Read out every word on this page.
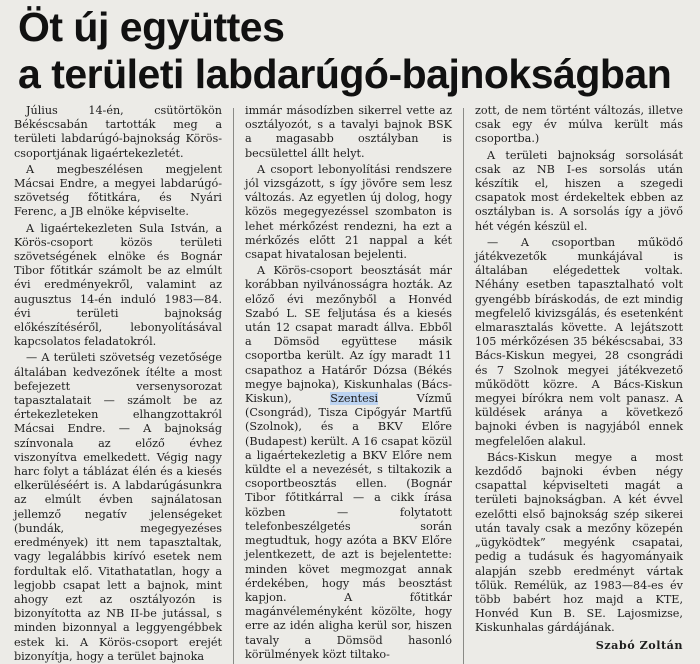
Öt új együttes
a területi labdarúgó-bajnokságban

Július 14-én, csütörtökön Békéscsabán tartották meg a területi labdarúgó-bajnokság Körös-csoportjának ligaértekezletét.

A megbeszélésen megjelent Mácsai Endre, a megyei labdarúgó-szövetség főtitkára, és Nyári Ferenc, a JB elnöke képviselte.

A ligaértekezleten Sula István, a Körös-csoport közös területi szövetségének elnöke és Bognár Tibor főtitkár számolt be az elmúlt évi eredményekről, valamint az augusztus 14-én induló 1983—84. évi területi bajnokság előkészítéséről, lebonyolításával kapcsolatos feladatokról.

— A területi szövetség vezetősége általában kedvezőnek ítélte a most befejezett versenysorozat tapasztalatait — számolt be az értekezleteken elhangzottakról Mácsai Endre. — A bajnokság színvonala az előző évhez viszonyítva emelkedett. Végig nagy harc folyt a táblázat élén és a kiesés elkerüléséért is. A labdarúgásunkra az elmúlt évben sajnálatosan jellemző negatív jelenségeket (bundák, megegyezéses eredmények) itt nem tapasztaltak, vagy legalábbis kirívó esetek nem fordultak elő. Vitathatatlan, hogy a legjobb csapat lett a bajnok, mint ahogy ezt az osztályozón is bizonyította az NB II-be jutással, s minden bizonnyal a leggyengébbek estek ki. A Körös-csoport erejét bizonyítja, hogy a terület bajnoka

immár másodízben sikerrel vette az osztályozót, s a tavalyi bajnok BSK a magasabb osztályban is becsülettel állt helyt.

A csoport lebonyolítási rendszere jól vizsgázott, s így jövőre sem lesz változás. Az egyetlen új dolog, hogy közös megegyezéssel szombaton is lehet mérkőzést rendezni, ha ezt a mérkőzés előtt 21 nappal a két csapat hivatalosan bejelenti.

A Körös-csoport beosztását már korábban nyilvánosságra hozták. Az előző évi mezőnyből a Honvéd Szabó L. SE feljutása és a kiesés után 12 csapat maradt állva. Ebből a Dömsöd együttese másik csoportba került. Az így maradt 11 csapathoz a Határőr Dózsa (Békés megye bajnoka), Kiskunhalas (Bács-Kiskun),	Szentesi	Vízmű (Csongrád), Tisza Cipőgyár Martfű (Szolnok), és a BKV Előre (Budapest) került. A 16 csapat közül a ligaértekezletig a BKV Előre nem küldte el a nevezését, s tiltakozik a csoportbeosztás ellen. (Bognár Tibor főtitkárral — a cikk írása közben — folytatott telefonbeszélgetés során megtudtuk, hogy azóta a BKV Előre jelentkezett, de azt is bejelentette: minden követ megmozgat annak érdekében, hogy más beosztást kapjon. A főtitkár magánvéleményként közölte, hogy erre az idén aligha kerül sor, hiszen tavaly a Dömsöd hasonló körülmények közt tiltako-

zott, de nem történt változás, illetve csak egy év múlva került más csoportba.)

A területi bajnokság sorsolását csak az NB I-es sorsolás után készítik el, hiszen a szegedi csapatok most érdekeltek ebben az osztályban is. A sorsolás így a jövő hét végén készül el.

— A csoportban működő játékvezetők munkájával is általában elégedettek voltak. Néhány esetben tapasztalható volt gyengébb bíráskodás, de ezt mindig megfelelő kivizsgálás, és esetenként elmarasztalás követte. A lejátszott 105 mérkőzésen 35 békéscsabai, 33 Bács-Kiskun megyei, 28 csongrádi és 7 Szolnok megyei játékvezető működött közre. A Bács-Kiskun megyei bírókra nem volt panasz. A küldések aránya a következő bajnoki évben is nagyjából ennek megfelelően alakul.

Bács-Kiskun megye a most kezdődő bajnoki évben négy csapattal képviselteti magát a területi bajnokságban. A két évvel ezelőtti első bajnokság szép sikerei után tavaly csak a mezőny közepén „ügyködtek” megyénk csapatai, pedig a tudásuk és hagyományaik alapján szebb eredményt vártak tőlük. Remélük, az 1983—84-es év több babért hoz majd a KTE, Honvéd Kun B. SE. Lajosmizse, Kiskunhalas gárdájának.

Szabó Zoltán
